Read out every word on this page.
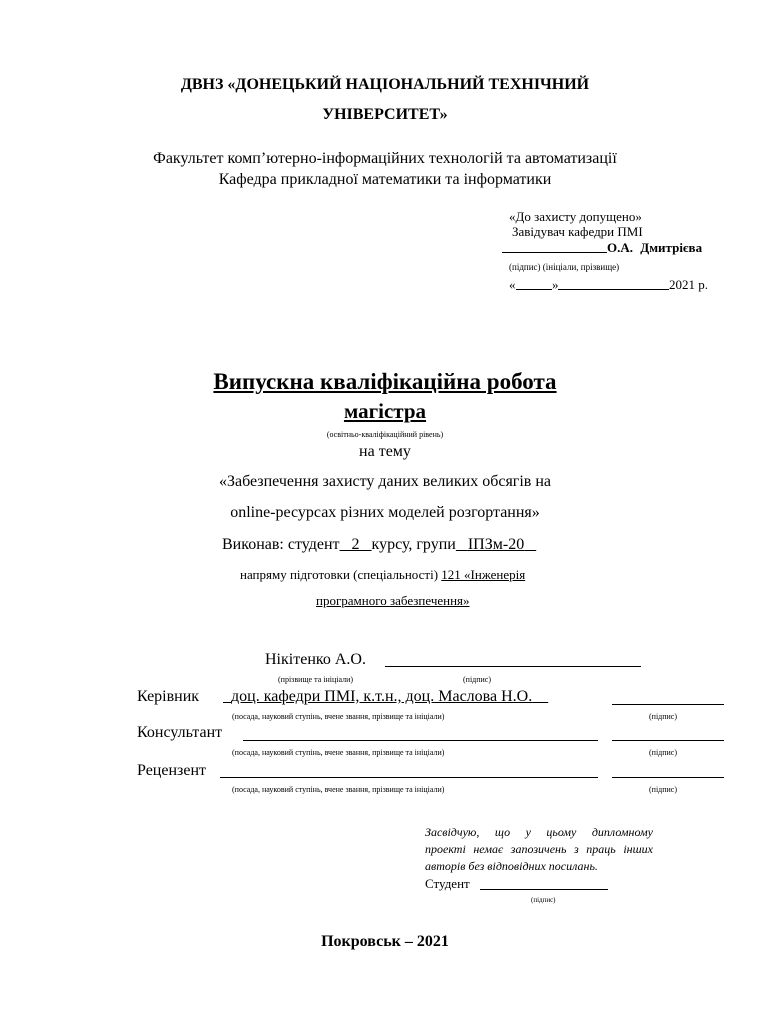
ДВНЗ «ДОНЕЦЬКИЙ НАЦІОНАЛЬНИЙ ТЕХНІЧНИЙ
УНІВЕРСИТЕТ»
Факультет комп’ютерно-інформаційних технологій та автоматизації
Кафедра прикладної математики та інформатики
«До захисту допущено»
Завідувач кафедри ПМІ
О.А. Дмитрієва
(підпис) (ініціали, прізвище)
«	»	2021 р.
Випускна кваліфікаційна робота
магістра
(освітньо-кваліфікаційний рівень)
на тему
«Забезпечення захисту даних великих обсягів на
online-ресурсах різних моделей розгортання»
Виконав: студент 2 курсу, групи ІПЗм-20
напряму підготовки (спеціальності) 121 «Інженерія
програмного забезпечення»
Нікітенко А.О.
(прізвище та ініціали)	(підпис)
Керівник	доц. кафедри ПМІ, к.т.н., доц. Маслова Н.О.
(посада, науковий ступінь, вчене звання, прізвище та ініціали)	(підпис)
Консультант
(посада, науковий ступінь, вчене звання, прізвище та ініціали)	(підпис)
Рецензент
(посада, науковий ступінь, вчене звання, прізвище та ініціали)	(підпис)
Засвідчую, що у цьому дипломному
проекті немає запозичень з праць інших
авторів без відповідних посилань.
Студент
(підпис)
Покровськ – 2021
